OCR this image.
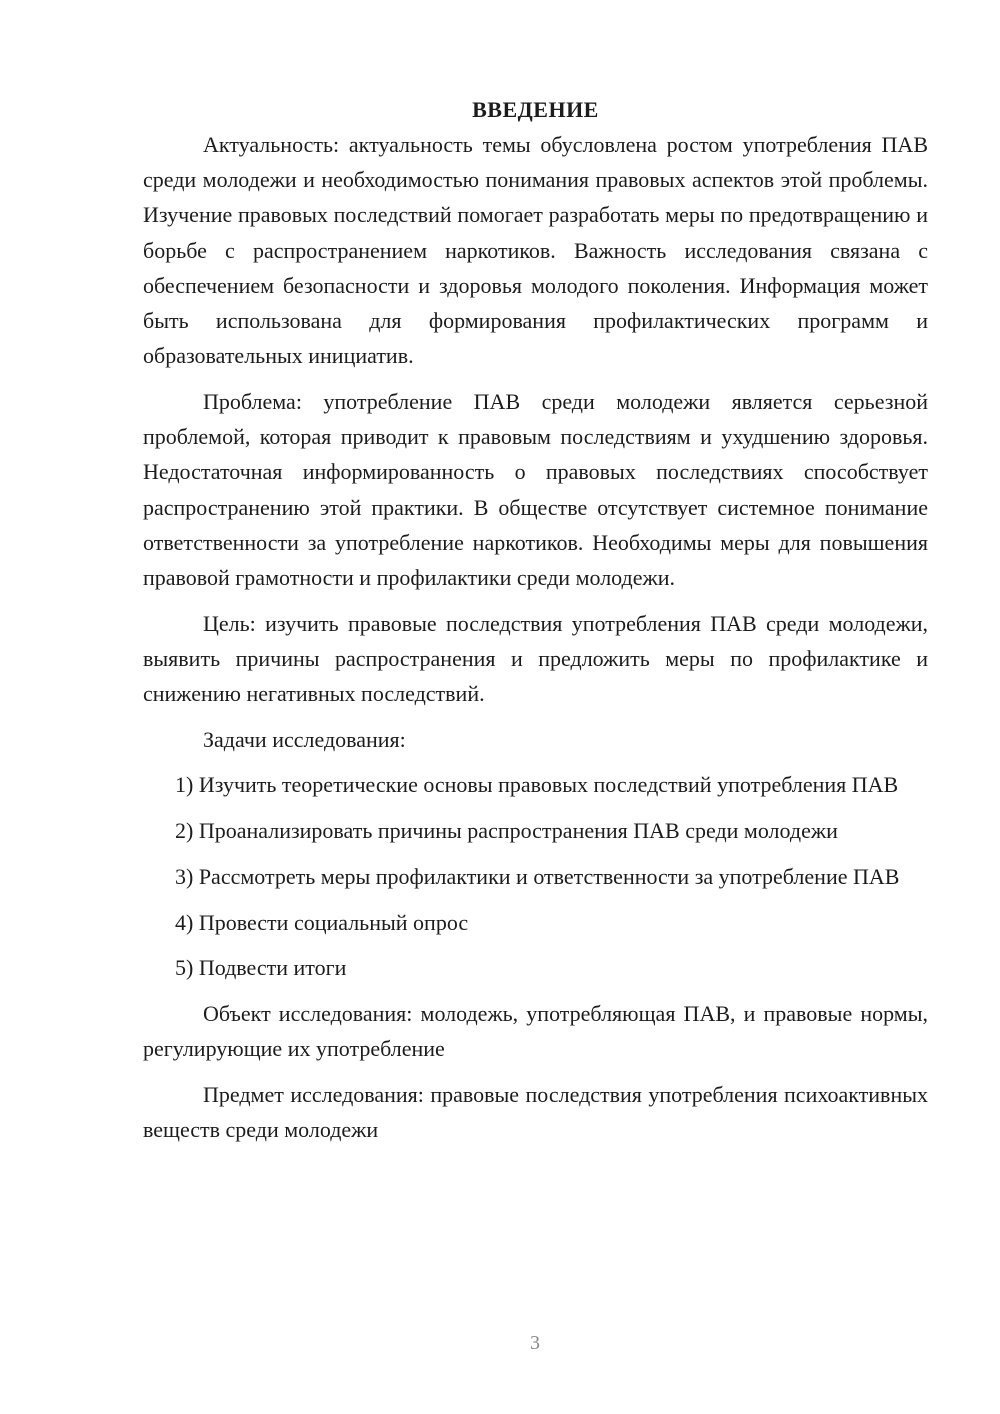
ВВЕДЕНИЕ

Актуальность: актуальность темы обусловлена ростом употребления ПАВ среди молодежи и необходимостью понимания правовых аспектов этой проблемы. Изучение правовых последствий помогает разработать меры по предотвращению и борьбе с распространением наркотиков. Важность исследования связана с обеспечением безопасности и здоровья молодого поколения. Информация может быть использована для формирования профилактических программ и образовательных инициатив.

Проблема: употребление ПАВ среди молодежи является серьезной проблемой, которая приводит к правовым последствиям и ухудшению здоровья. Недостаточная информированность о правовых последствиях способствует распространению этой практики. В обществе отсутствует системное понимание ответственности за употребление наркотиков. Необходимы меры для повышения правовой грамотности и профилактики среди молодежи.

Цель: изучить правовые последствия употребления ПАВ среди молодежи, выявить причины распространения и предложить меры по профилактике и снижению негативных последствий.

Задачи исследования:

1) Изучить теоретические основы правовых последствий употребления ПАВ

2) Проанализировать причины распространения ПАВ среди молодежи

3) Рассмотреть меры профилактики и ответственности за употребление ПАВ

4) Провести социальный опрос

5) Подвести итоги

Объект исследования: молодежь, употребляющая ПАВ, и правовые нормы, регулирующие их употребление

Предмет исследования: правовые последствия употребления психоактивных веществ среди молодежи

3
